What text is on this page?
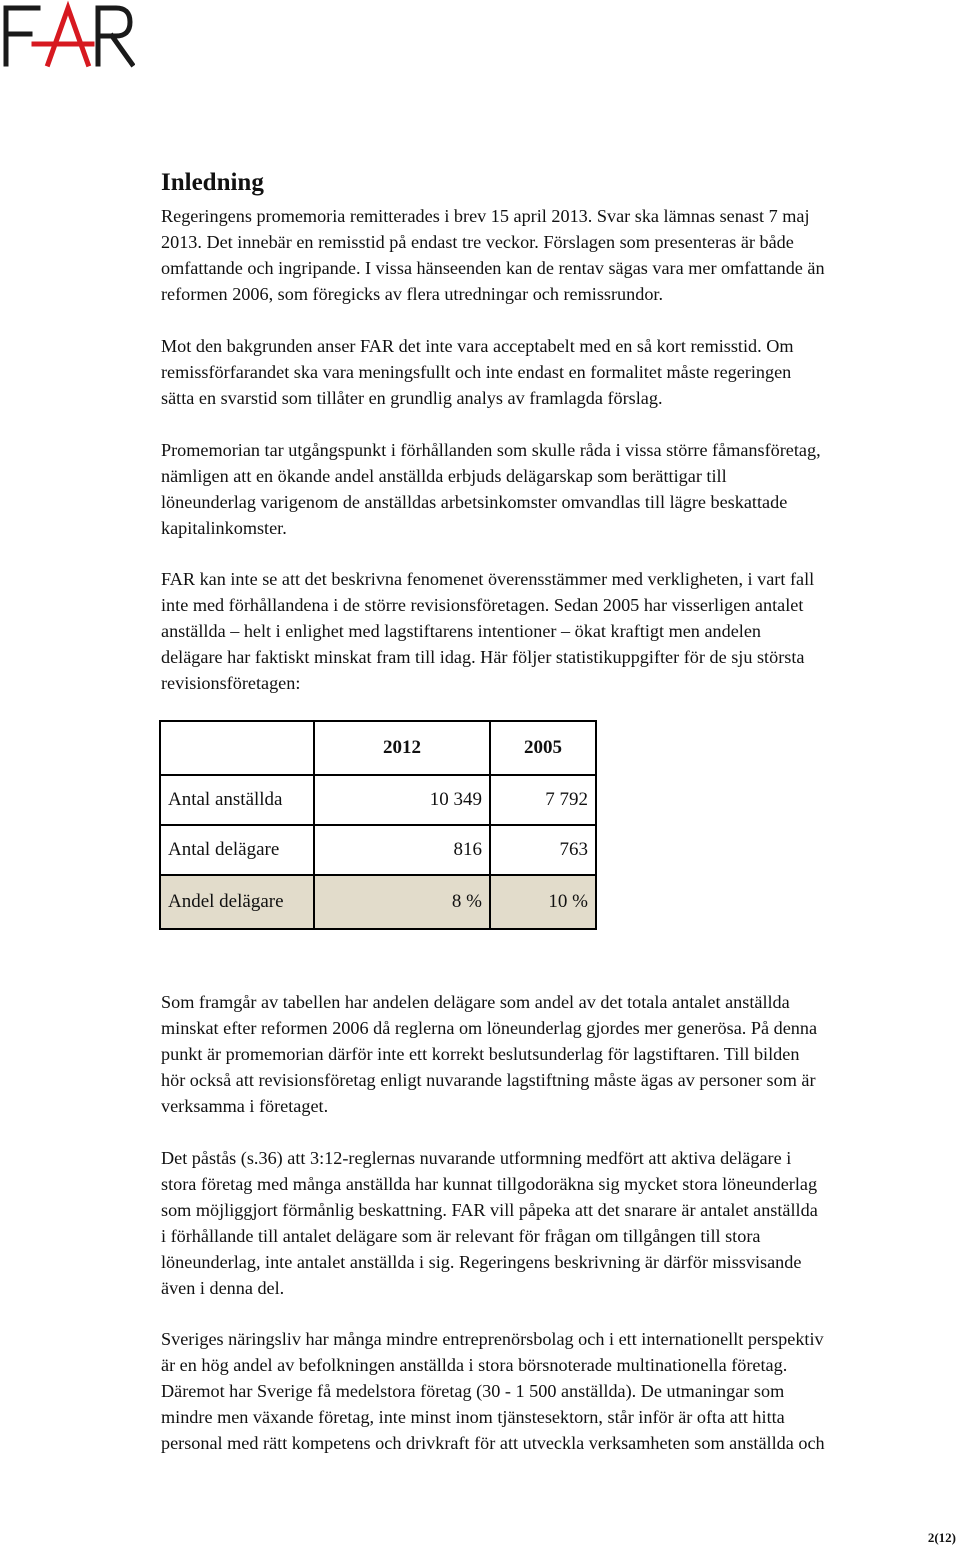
Inledning

Regeringens promemoria remitterades i brev 15 april 2013. Svar ska lämnas senast 7 maj
2013. Det innebär en remisstid på endast tre veckor. Förslagen som presenteras är både
omfattande och ingripande. I vissa hänseenden kan de rentav sägas vara mer omfattande än
reformen 2006, som föregicks av flera utredningar och remissrundor.

Mot den bakgrunden anser FAR det inte vara acceptabelt med en så kort remisstid. Om
remissförfarandet ska vara meningsfullt och inte endast en formalitet måste regeringen
sätta en svarstid som tillåter en grundlig analys av framlagda förslag.

Promemorian tar utgångspunkt i förhållanden som skulle råda i vissa större fåmansföretag,
nämligen att en ökande andel anställda erbjuds delägarskap som berättigar till
löneunderlag varigenom de anställdas arbetsinkomster omvandlas till lägre beskattade
kapitalinkomster.

FAR kan inte se att det beskrivna fenomenet överensstämmer med verkligheten, i vart fall
inte med förhållandena i de större revisionsföretagen. Sedan 2005 har visserligen antalet
anställda – helt i enlighet med lagstiftarens intentioner – ökat kraftigt men andelen
delägare har faktiskt minskat fram till idag. Här följer statistikuppgifter för de sju största
revisionsföretagen:

	2012	2005
Antal anställda	10 349	7 792
Antal delägare	816	763
Andel delägare	8 %	10 %

Som framgår av tabellen har andelen delägare som andel av det totala antalet anställda
minskat efter reformen 2006 då reglerna om löneunderlag gjordes mer generösa. På denna
punkt är promemorian därför inte ett korrekt beslutsunderlag för lagstiftaren. Till bilden
hör också att revisionsföretag enligt nuvarande lagstiftning måste ägas av personer som är
verksamma i företaget.

Det påstås (s.36) att 3:12-reglernas nuvarande utformning medfört att aktiva delägare i
stora företag med många anställda har kunnat tillgodoräkna sig mycket stora löneunderlag
som möjliggjort förmånlig beskattning. FAR vill påpeka att det snarare är antalet anställda
i förhållande till antalet delägare som är relevant för frågan om tillgången till stora
löneunderlag, inte antalet anställda i sig. Regeringens beskrivning är därför missvisande
även i denna del.

Sveriges näringsliv har många mindre entreprenörsbolag och i ett internationellt perspektiv
är en hög andel av befolkningen anställda i stora börsnoterade multinationella företag.
Däremot har Sverige få medelstora företag (30 - 1 500 anställda). De utmaningar som
mindre men växande företag, inte minst inom tjänstesektorn, står inför är ofta att hitta
personal med rätt kompetens och drivkraft för att utveckla verksamheten som anställda och

2(12)
